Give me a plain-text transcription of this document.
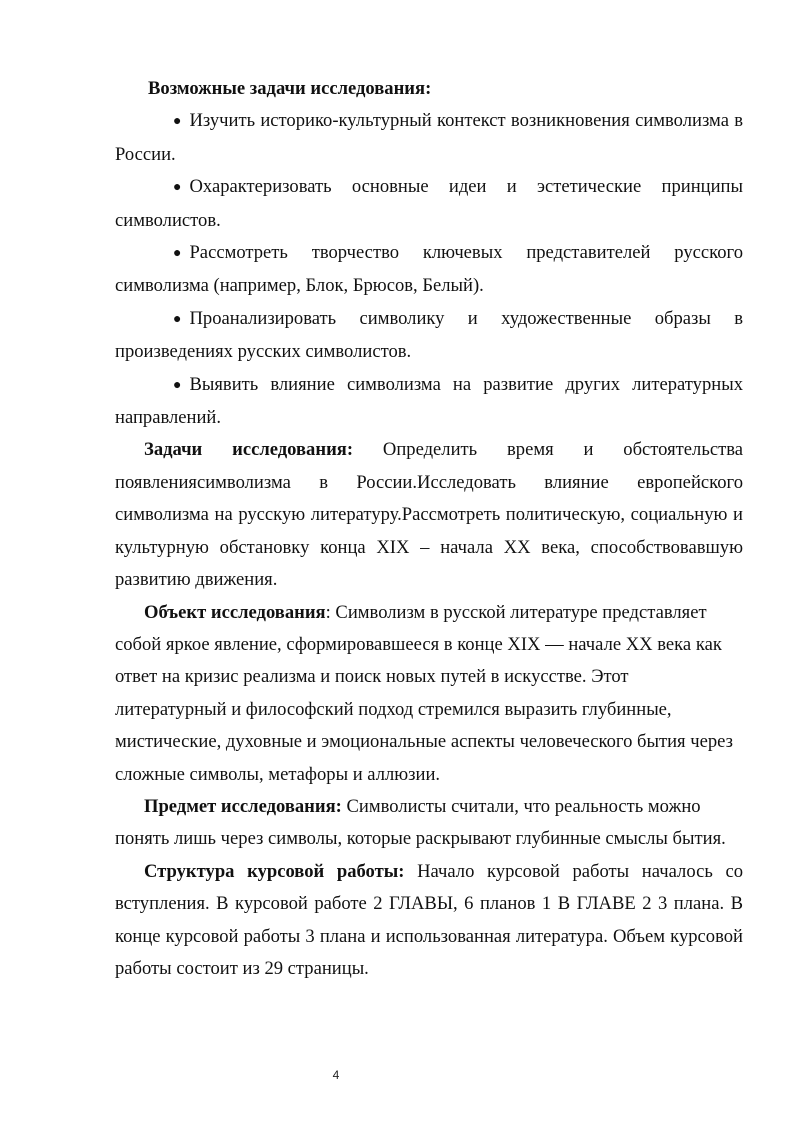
Возможные задачи исследования:

● Изучить историко-культурный контекст возникновения символизма в России.

● Охарактеризовать основные идеи и эстетические принципы символистов.

● Рассмотреть творчество ключевых представителей русского символизма (например, Блок, Брюсов, Белый).

● Проанализировать символику и художественные образы в произведениях русских символистов.

● Выявить влияние символизма на развитие других литературных направлений.

Задачи исследования: Определить время и обстоятельства появлениясимволизма в России.Исследовать влияние европейского символизма на русскую литературу.Рассмотреть политическую, социальную и культурную обстановку конца XIX – начала XX века, способствовавшую развитию движения.

Объект исследования: Символизм в русской литературе представляет собой яркое явление, сформировавшееся в конце XIX — начале XX века как ответ на кризис реализма и поиск новых путей в искусстве. Этот литературный и философский подход стремился выразить глубинные, мистические, духовные и эмоциональные аспекты человеческого бытия через сложные символы, метафоры и аллюзии.

Предмет исследования: Символисты считали, что реальность можно понять лишь через символы, которые раскрывают глубинные смыслы бытия.

Структура курсовой работы: Начало курсовой работы началось со вступления. В курсовой работе 2 ГЛАВЫ, 6 планов 1 В ГЛАВЕ 2 3 плана. В конце курсовой работы 3 плана и использованная литература. Объем курсовой работы состоит из 29 страницы.

4
